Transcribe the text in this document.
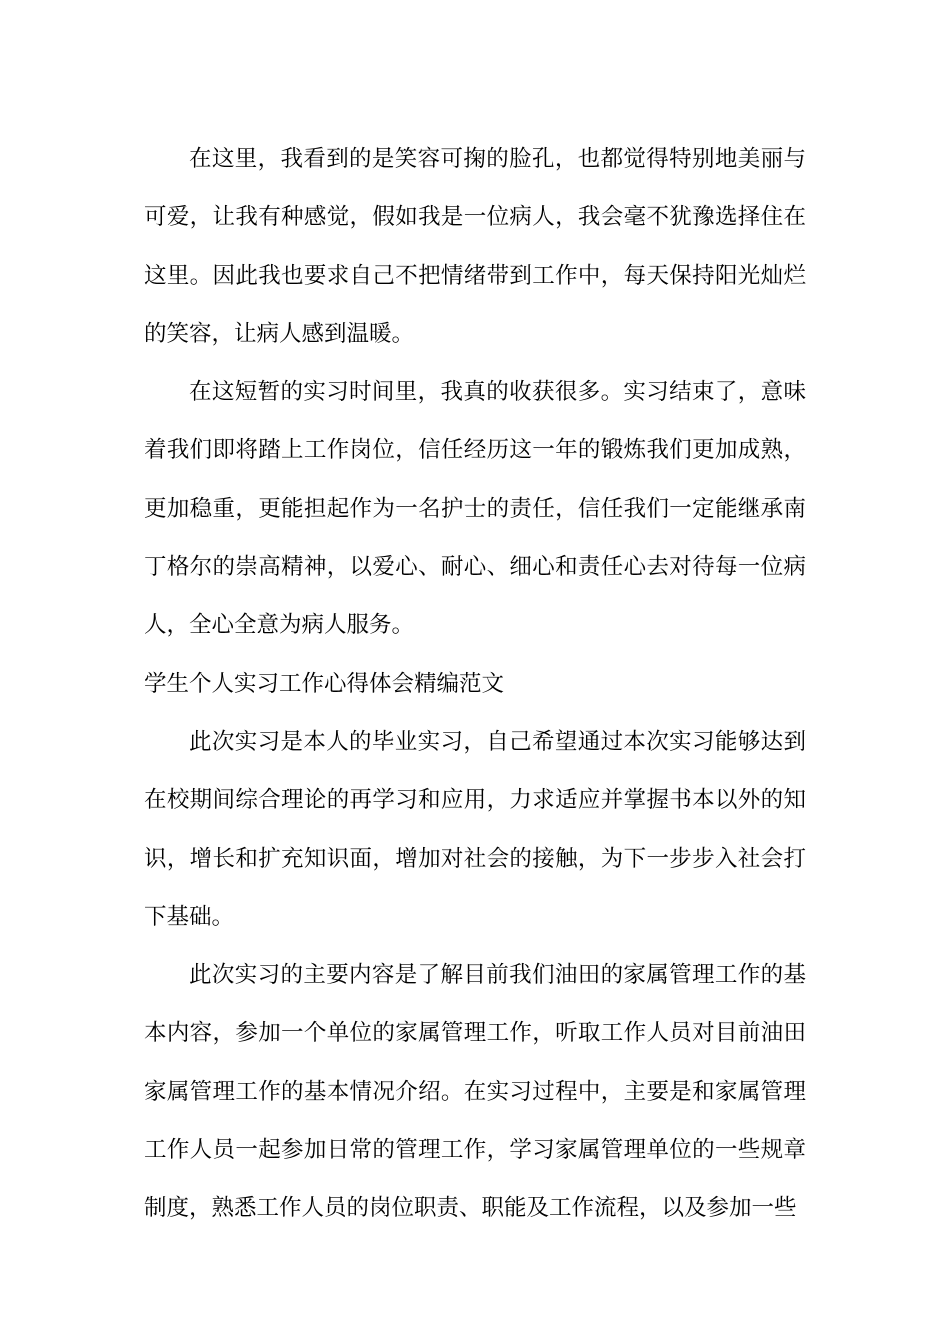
在这里，我看到的是笑容可掬的脸孔，也都觉得特别地美丽与可爱，让我有种感觉，假如我是一位病人，我会毫不犹豫选择住在这里。因此我也要求自己不把情绪带到工作中，每天保持阳光灿烂的笑容，让病人感到温暖。

在这短暂的实习时间里，我真的收获很多。实习结束了，意味着我们即将踏上工作岗位，信任经历这一年的锻炼我们更加成熟，更加稳重，更能担起作为一名护士的责任，信任我们一定能继承南丁格尔的崇高精神，以爱心、耐心、细心和责任心去对待每一位病人，全心全意为病人服务。

学生个人实习工作心得体会精编范文

此次实习是本人的毕业实习，自己希望通过本次实习能够达到在校期间综合理论的再学习和应用，力求适应并掌握书本以外的知识，增长和扩充知识面，增加对社会的接触，为下一步步入社会打下基础。

此次实习的主要内容是了解目前我们油田的家属管理工作的基本内容，参加一个单位的家属管理工作，听取工作人员对目前油田家属管理工作的基本情况介绍。在实习过程中，主要是和家属管理工作人员一起参加日常的管理工作，学习家属管理单位的一些规章制度，熟悉工作人员的岗位职责、职能及工作流程，以及参加一些
